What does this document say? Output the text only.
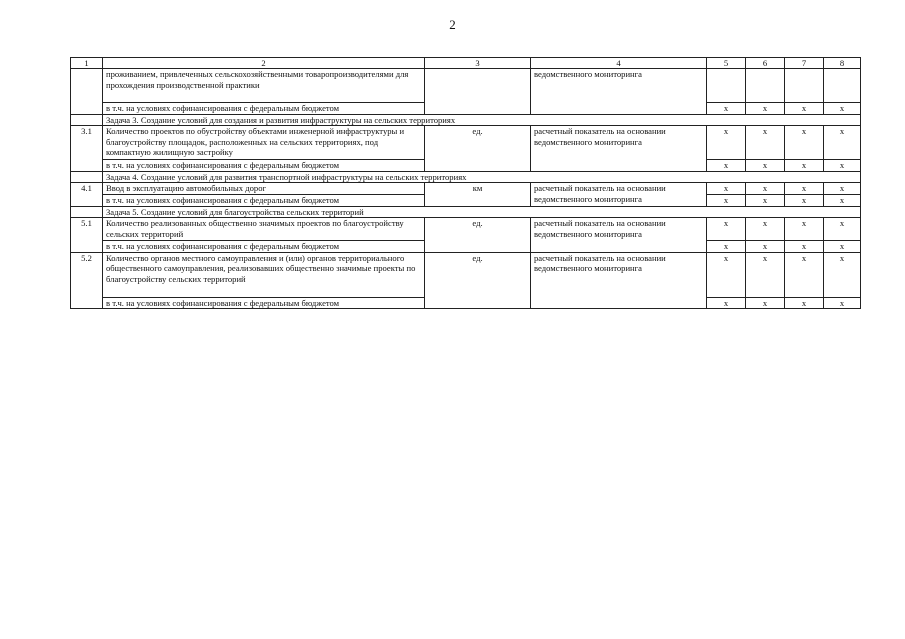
2
1	2	3	4	5	6	7	8
	проживанием, привлеченных сельскохозяйственными товаропроизводителями для прохождения производственной практики		ведомственного мониторинга				
	в т.ч. на условиях софинансирования с федеральным бюджетом			x	x	x	x
	Задача 3. Создание условий для создания и развития инфраструктуры на сельских территориях						
3.1	Количество проектов по обустройству объектами инженерной инфраструктуры и благоустройству площадок, расположенных на сельских территориях, под компактную жилищную застройку	ед.	расчетный показатель на основании ведомственного мониторинга	x	x	x	x
	в т.ч. на условиях софинансирования с федеральным бюджетом			x	x	x	x
	Задача 4. Создание условий для развития транспортной инфраструктуры на сельских территориях						
4.1	Ввод в эксплуатацию автомобильных дорог	км	расчетный показатель на основании ведомственного мониторинга	x	x	x	x
	в т.ч. на условиях софинансирования с федеральным бюджетом			x	x	x	x
	Задача 5. Создание условий для благоустройства сельских территорий						
5.1	Количество реализованных общественно значимых проектов по благоустройству сельских территорий	ед.	расчетный показатель на основании ведомственного мониторинга	x	x	x	x
	в т.ч. на условиях софинансирования с федеральным бюджетом			x	x	x	x
5.2	Количество органов местного самоуправления и (или) органов территориального общественного самоуправления, реализовавших общественно значимые проекты по благоустройству сельских территорий	ед.	расчетный показатель на основании ведомственного мониторинга	x	x	x	x
	в т.ч. на условиях софинансирования с федеральным бюджетом			x	x	x	x
